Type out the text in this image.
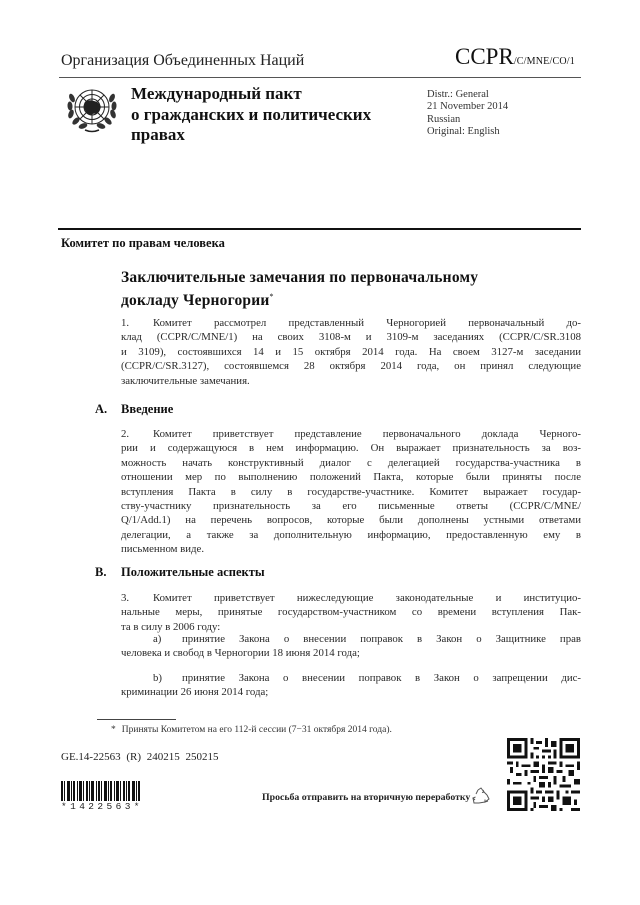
Организация Объединенных Наций	CCPR/C/MNE/CO/1
Международный пакт
о гражданских и политических
правах
Distr.: General
21 November 2014
Russian
Original: English
Комитет по правам человека
Заключительные замечания по первоначальному
докладу Черногории*
1. Комитет рассмотрел представленный Черногорией первоначальный до-
клад (CCPR/C/MNE/1) на своих 3108-м и 3109-м заседаниях (CCPR/C/SR.3108
и 3109), состоявшихся 14 и 15 октября 2014 года. На своем 3127-м заседании
(CCPR/C/SR.3127), состоявшемся 28 октября 2014 года, он принял следующие
заключительные замечания.
A. Введение
2. Комитет приветствует представление первоначального доклада Черного-
рии и содержащуюся в нем информацию. Он выражает признательность за воз-
можность начать конструктивный диалог с делегацией государства-участника в
отношении мер по выполнению положений Пакта, которые были приняты после
вступления Пакта в силу в государстве-участнике. Комитет выражает государ-
ству-участнику признательность за его письменные ответы (CCPR/C/MNE/
Q/1/Add.1) на перечень вопросов, которые были дополнены устными ответами
делегации, а также за дополнительную информацию, предоставленную ему в
письменном виде.
B. Положительные аспекты
3. Комитет приветствует нижеследующие законодательные и институцио-
нальные меры, принятые государством-участником со времени вступления Пак-
та в силу в 2006 году:
a) принятие Закона о внесении поправок в Закон о Защитнике прав
человека и свобод в Черногории 18 июня 2014 года;
b) принятие Закона о внесении поправок в Закон о запрещении дис-
криминации 26 июня 2014 года;
* Приняты Комитетом на его 112-й сессии (7−31 октября 2014 года).
GE.14-22563 (R) 240215 250215
*1422563*
Просьба отправить на вторичную переработку
